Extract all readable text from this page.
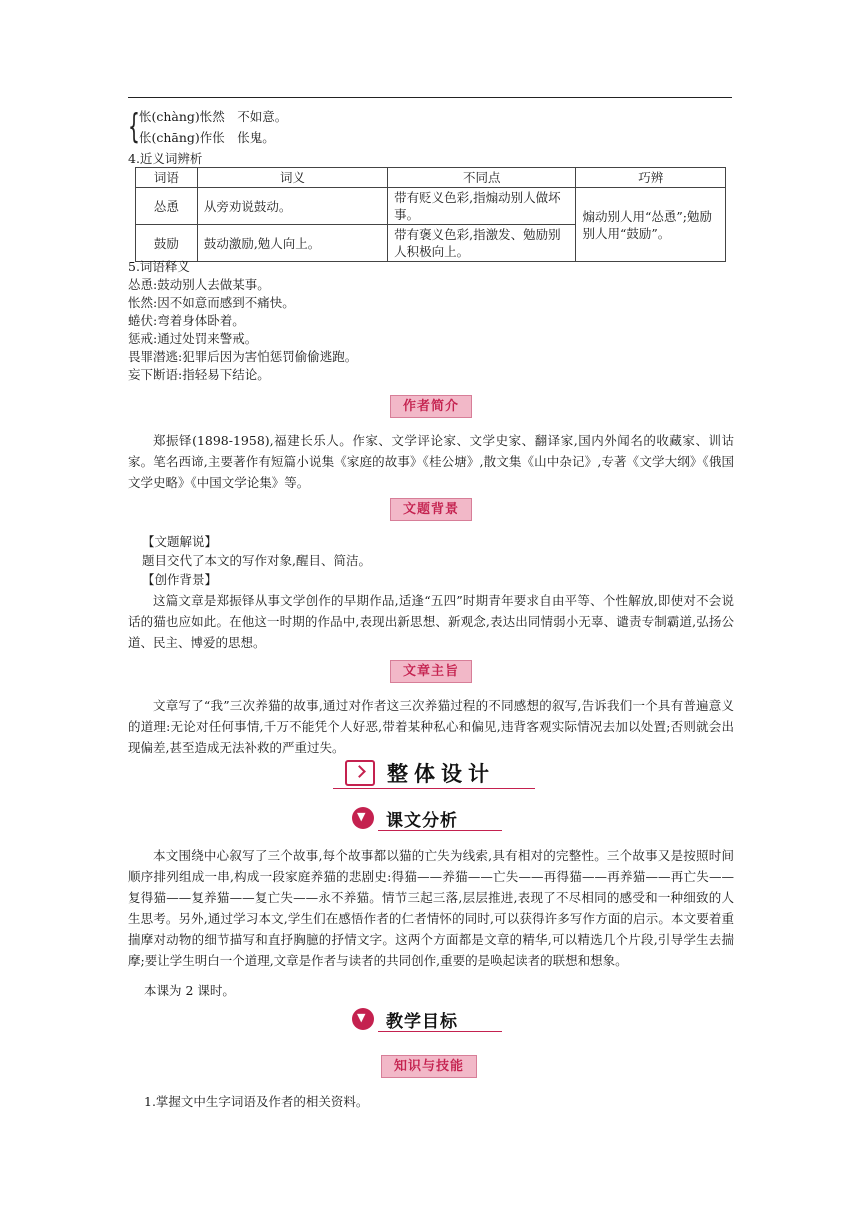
{ 怅(chàng)怅然　不如意。
伥(chāng)作伥　伥鬼。
4.近义词辨析
词语	词义	不同点	巧辨
怂恿	从旁劝说鼓动。	带有贬义色彩,指煽动别人做坏事。	煽动别人用“怂恿”;勉励别人用“鼓励”。
鼓励	鼓动激励,勉人向上。	带有褒义色彩,指激发、勉励别人积极向上。	
5.词语释义
怂恿:鼓动别人去做某事。
怅然:因不如意而感到不痛快。
蜷伏:弯着身体卧着。
惩戒:通过处罚来警戒。
畏罪潜逃:犯罪后因为害怕惩罚偷偷逃跑。
妄下断语:指轻易下结论。
作者简介
郑振铎(1898-1958),福建长乐人。作家、文学评论家、文学史家、翻译家,国内外闻名的收藏家、训诂家。笔名西谛,主要著作有短篇小说集《家庭的故事》《桂公塘》,散文集《山中杂记》,专著《文学大纲》《俄国文学史略》《中国文学论集》等。
文题背景
【文题解说】
题目交代了本文的写作对象,醒目、简洁。
【创作背景】
这篇文章是郑振铎从事文学创作的早期作品,适逢“五四”时期青年要求自由平等、个性解放,即使对不会说话的猫也应如此。在他这一时期的作品中,表现出新思想、新观念,表达出同情弱小无辜、谴责专制霸道,弘扬公道、民主、博爱的思想。
文章主旨
文章写了“我”三次养猫的故事,通过对作者这三次养猫过程的不同感想的叙写,告诉我们一个具有普遍意义的道理:无论对任何事情,千万不能凭个人好恶,带着某种私心和偏见,违背客观实际情况去加以处置;否则就会出现偏差,甚至造成无法补救的严重过失。
整体设计
▼
课文分析
本文围绕中心叙写了三个故事,每个故事都以猫的亡失为线索,具有相对的完整性。三个故事又是按照时间顺序排列组成一串,构成一段家庭养猫的悲剧史:得猫——养猫——亡失——再得猫——再养猫——再亡失——复得猫——复养猫——复亡失——永不养猫。情节三起三落,层层推进,表现了不尽相同的感受和一种细致的人生思考。另外,通过学习本文,学生们在感悟作者的仁者情怀的同时,可以获得许多写作方面的启示。本文要着重揣摩对动物的细节描写和直抒胸臆的抒情文字。这两个方面都是文章的精华,可以精选几个片段,引导学生去揣摩;要让学生明白一个道理,文章是作者与读者的共同创作,重要的是唤起读者的联想和想象。
本课为 2 课时。
▼
教学目标
知识与技能
1.掌握文中生字词语及作者的相关资料。
